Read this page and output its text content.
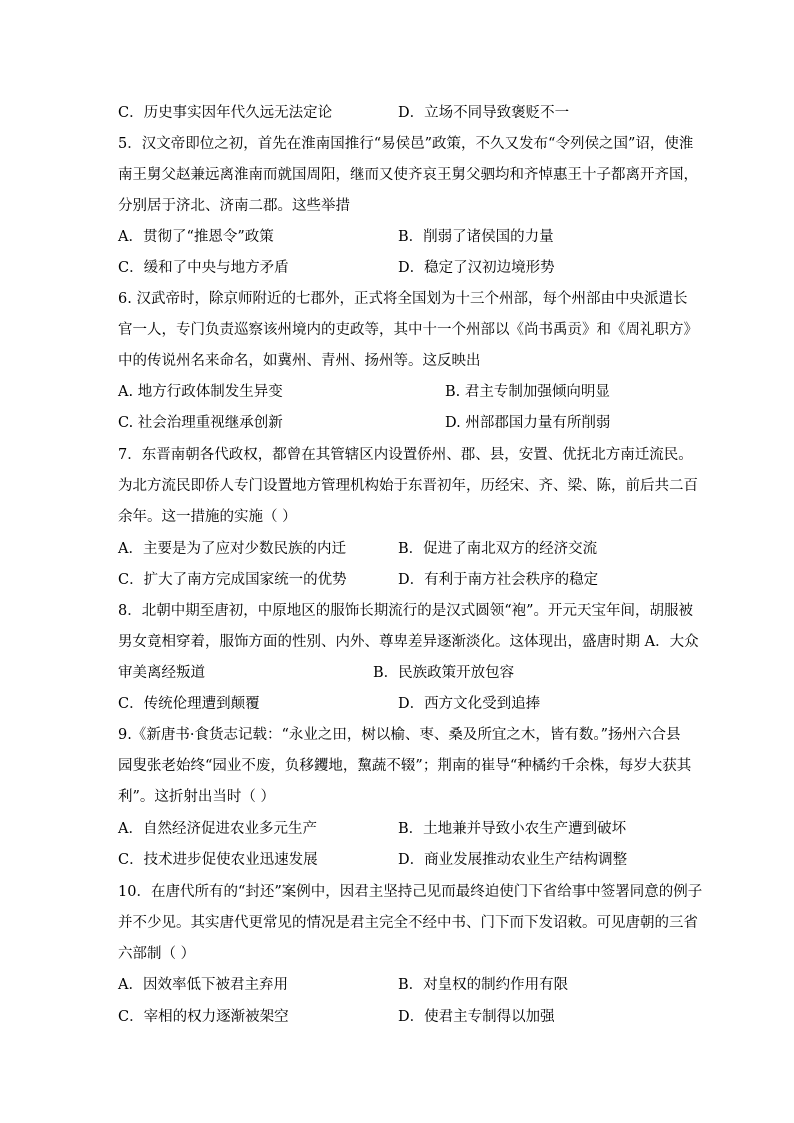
C．历史事实因年代久远无法定论	D．立场不同导致褒贬不一
5．汉文帝即位之初，首先在淮南国推行“易侯邑”政策，不久又发布“令列侯之国”诏，使淮
南王舅父赵兼远离淮南而就国周阳，继而又使齐哀王舅父驷均和齐悼惠王十子都离开齐国，
分别居于济北、济南二郡。这些举措
A．贯彻了“推恩令”政策	B．削弱了诸侯国的力量
C．缓和了中央与地方矛盾	D．稳定了汉初边境形势
6. 汉武帝时，除京师附近的七郡外，正式将全国划为十三个州部，每个州部由中央派遣长
官一人，专门负责巡察该州境内的吏政等，其中十一个州部以《尚书禹贡》和《周礼职方》
中的传说州名来命名，如冀州、青州、扬州等。这反映出
A. 地方行政体制发生异变	B. 君主专制加强倾向明显
C. 社会治理重视继承创新	D. 州部郡国力量有所削弱
7．东晋南朝各代政权，都曾在其管辖区内设置侨州、郡、县，安置、优抚北方南迁流民。
为北方流民即侨人专门设置地方管理机构始于东晋初年，历经宋、齐、梁、陈，前后共二百
余年。这一措施的实施（ ）
A．主要是为了应对少数民族的内迁	B．促进了南北双方的经济交流
C．扩大了南方完成国家统一的优势	D．有利于南方社会秩序的稳定
8．北朝中期至唐初，中原地区的服饰长期流行的是汉式圆领“袍”。开元天宝年间，胡服被
男女竟相穿着，服饰方面的性别、内外、尊卑差异逐渐淡化。这体现出，盛唐时期 A．大众
审美离经叛道	B．民族政策开放包容
C．传统伦理遭到颠覆	D．西方文化受到追捧
9.《新唐书·食货志记载：“永业之田，树以榆、枣、桑及所宜之木，皆有数。”扬州六合县
园叟张老始终“园业不废，负移钁地，黧蔬不辍”；荆南的崔导“种橘约千余株，每岁大获其
利”。这折射出当时（ ）
A．自然经济促进农业多元生产	B．土地兼并导致小农生产遭到破坏
C．技术进步促使农业迅速发展	D．商业发展推动农业生产结构调整
10．在唐代所有的“封还”案例中，因君主坚持己见而最终迫使门下省给事中签署同意的例子
并不少见。其实唐代更常见的情况是君主完全不经中书、门下而下发诏敕。可见唐朝的三省
六部制（ ）
A．因效率低下被君主弃用	B．对皇权的制约作用有限
C．宰相的权力逐渐被架空	D．使君主专制得以加强
